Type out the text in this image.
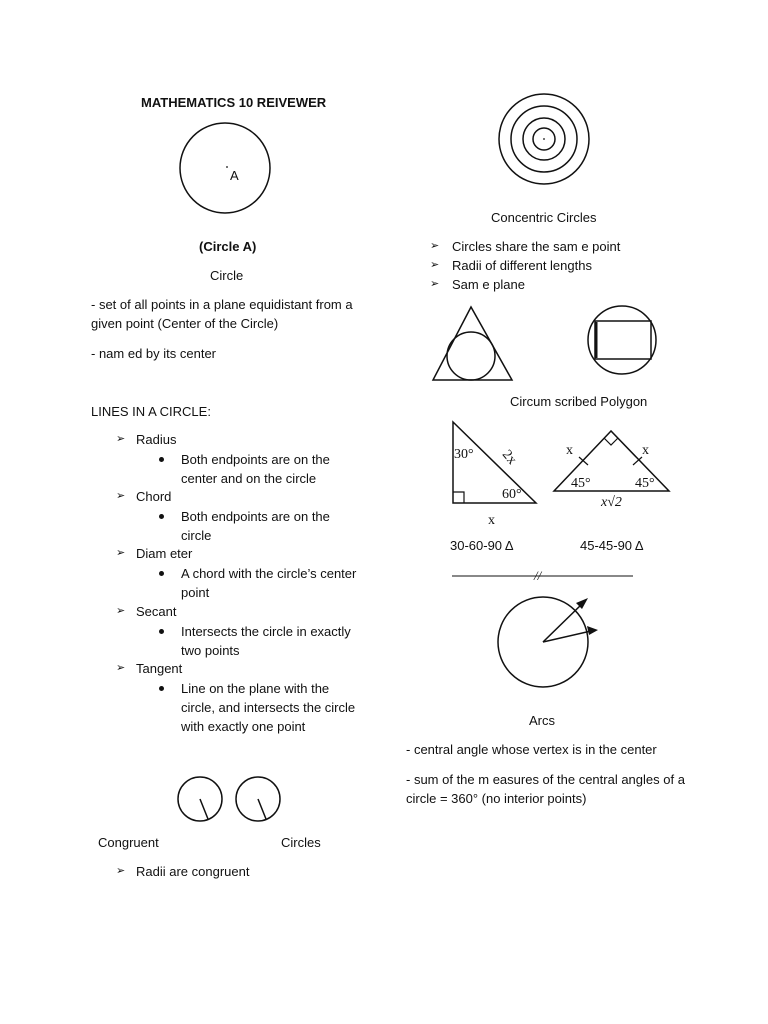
MATHEMATICS 10 REIVEWER
A
(Circle A)
Circle
- set of all points in a plane equidistant from a given point (Center of the Circle)
- nam ed by its center
LINES IN A CIRCLE:
➢ Radius
Both endpoints are on the center and on the circle
➢ Chord
Both endpoints are on the circle
➢ Diam eter
A chord with the circle’s center point
➢ Secant
Intersects the circle in exactly two points
➢ Tangent
Line on the plane with the circle, and intersects the circle with exactly one point
Congruent	Circles
➢ Radii are congruent
Concentric Circles
➢ Circles share the sam e point
➢ Radii of different lengths
➢ Sam e plane
Circum scribed Polygon
30° 2x
60°
x
30-60-90 Δ
x	x
45°	45°
x√2
45-45-90 Δ
//
Arcs
- central angle whose vertex is in the center
- sum of the m easures of the central angles of a circle = 360° (no interior points)
